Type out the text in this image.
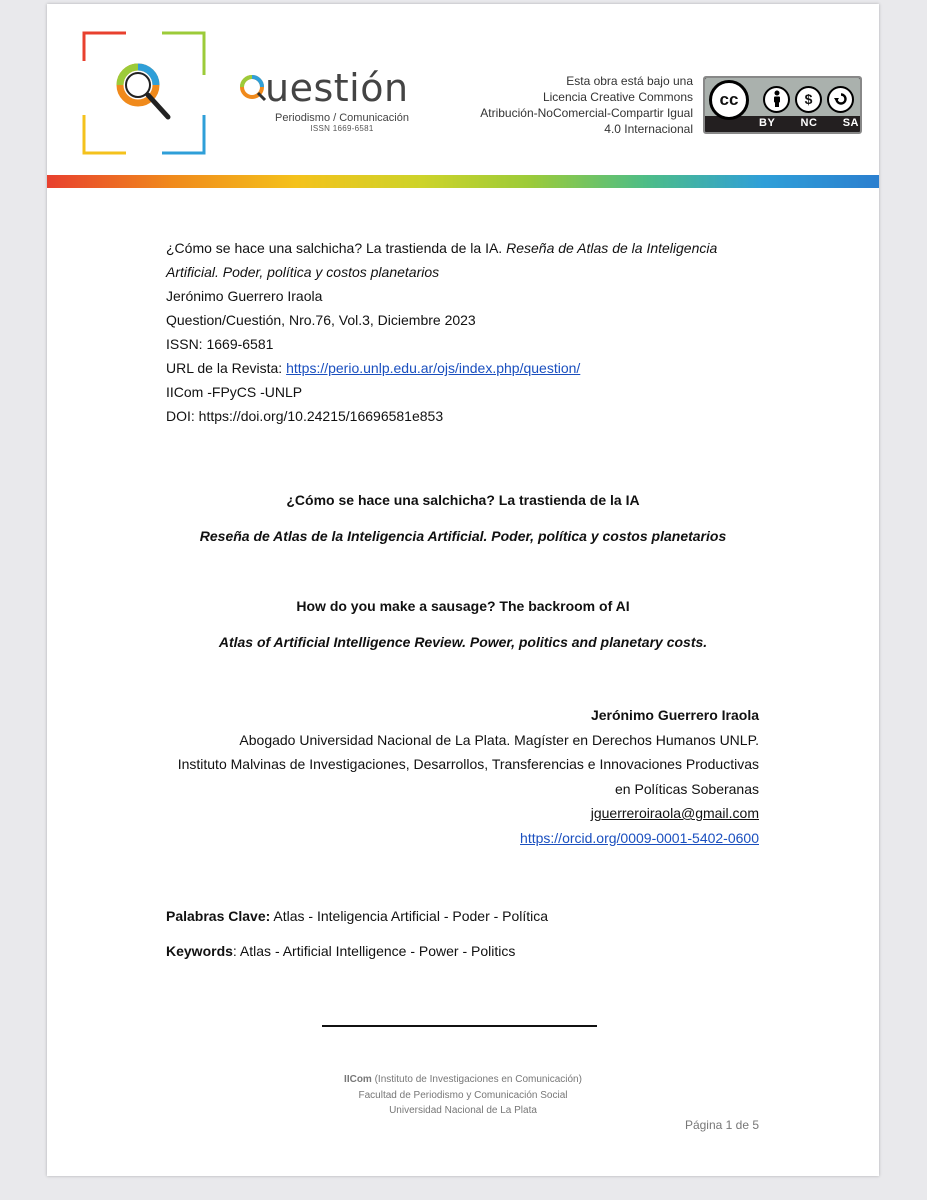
uestión
Periodismo / Comunicación
ISSN 1669-6581
Esta obra está bajo una
Licencia Creative Commons
Atribución-NoComercial-Compartir Igual
4.0 Internacional
cc	$
BY NC SA
¿Cómo se hace una salchicha? La trastienda de la IA. Reseña de Atlas de la Inteligencia Artificial. Poder, política y costos planetarios
Jerónimo Guerrero Iraola
Question/Cuestión, Nro.76, Vol.3, Diciembre 2023
ISSN: 1669-6581
URL de la Revista: https://perio.unlp.edu.ar/ojs/index.php/question/
IICom -FPyCS -UNLP
DOI: https://doi.org/10.24215/16696581e853
¿Cómo se hace una salchicha? La trastienda de la IA
Reseña de Atlas de la Inteligencia Artificial. Poder, política y costos planetarios
How do you make a sausage? The backroom of AI
Atlas of Artificial Intelligence Review. Power, politics and planetary costs.
Jerónimo Guerrero Iraola
Abogado Universidad Nacional de La Plata. Magíster en Derechos Humanos UNLP.
Instituto Malvinas de Investigaciones, Desarrollos, Transferencias e Innovaciones Productivas
en Políticas Soberanas
jguerreroiraola@gmail.com
https://orcid.org/0009-0001-5402-0600
Palabras Clave: Atlas - Inteligencia Artificial - Poder - Política
Keywords: Atlas - Artificial Intelligence - Power - Politics
IICom (Instituto de Investigaciones en Comunicación)
Facultad de Periodismo y Comunicación Social
Universidad Nacional de La Plata
Página 1 de 5
